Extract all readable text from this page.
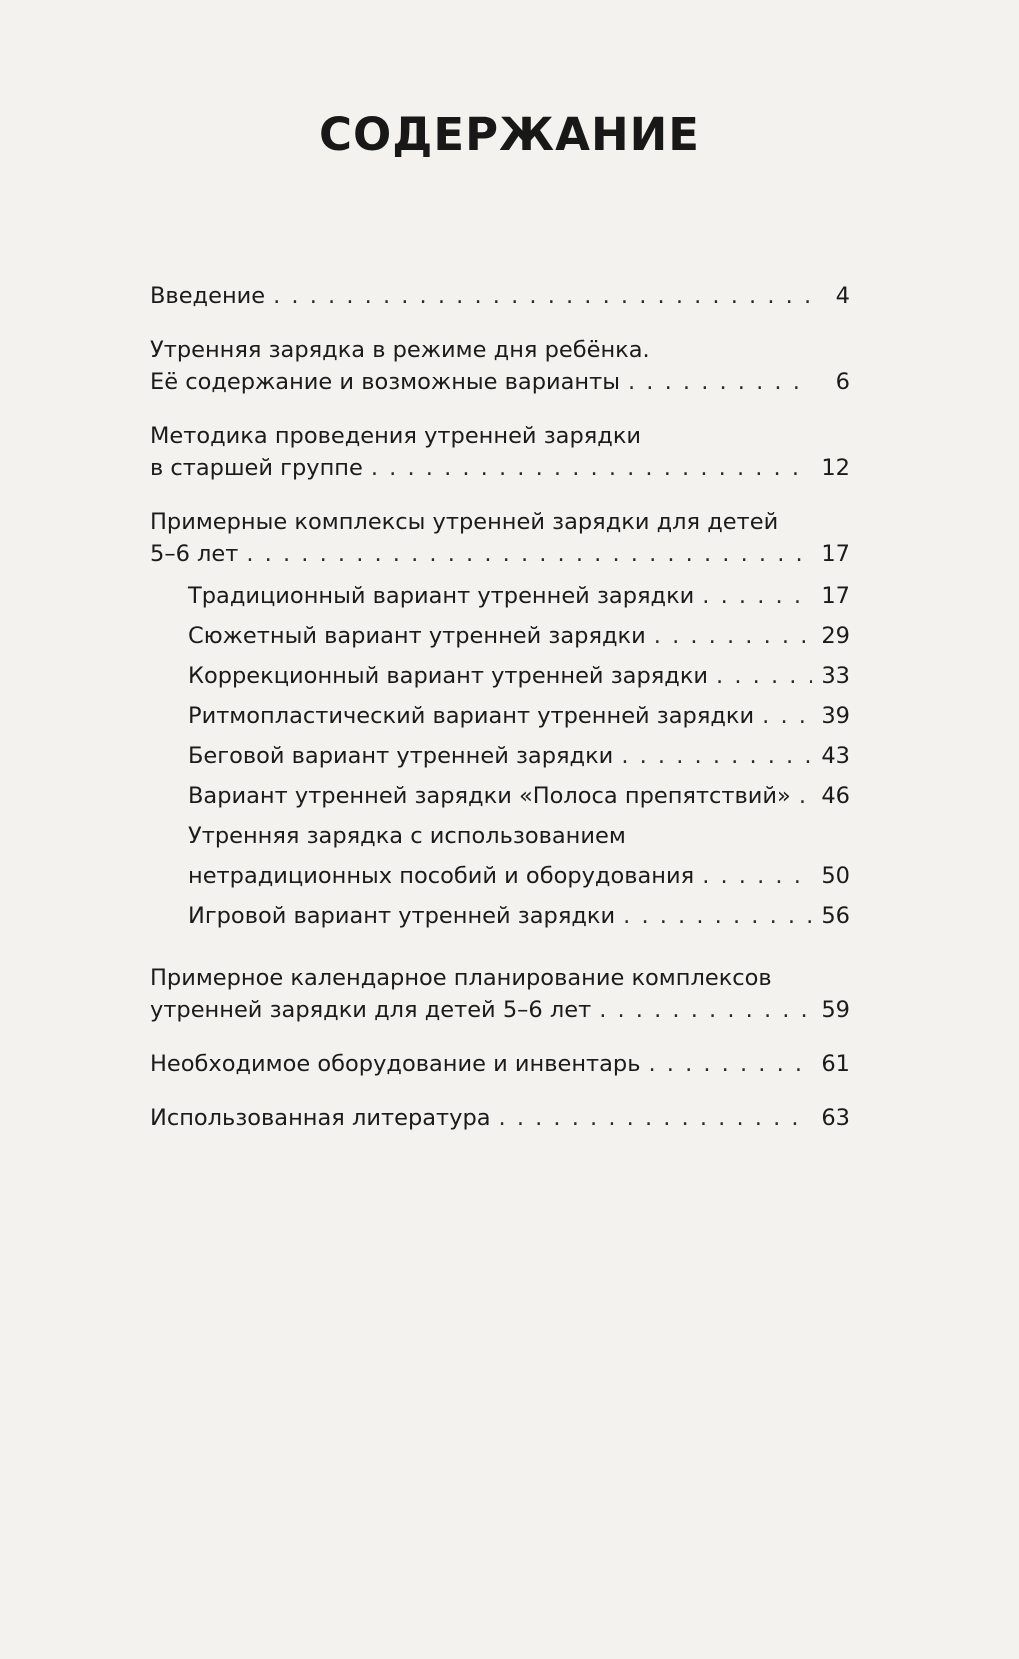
СОДЕРЖАНИЕ
Введение . . .	4
Утренняя зарядка в режиме дня ребёнка.
Её содержание и возможные варианты . . .	6
Методика проведения утренней зарядки
в старшей группе . . .	12
Примерные комплексы утренней зарядки для детей
5–6 лет . . .	17
Традиционный вариант утренней зарядки . . .	17
Сюжетный вариант утренней зарядки . . .	29
Коррекционный вариант утренней зарядки . . .	33
Ритмопластический вариант утренней зарядки . . .	39
Беговой вариант утренней зарядки . . .	43
Вариант утренней зарядки «Полоса препятствий» . . . 46
Утренняя зарядка с использованием
нетрадиционных пособий и оборудования . . .	50
Игровой вариант утренней зарядки . . .	56
Примерное календарное планирование комплексов
утренней зарядки для детей 5–6 лет . . .	59
Необходимое оборудование и инвентарь . . .	61
Использованная литература . . .	63
